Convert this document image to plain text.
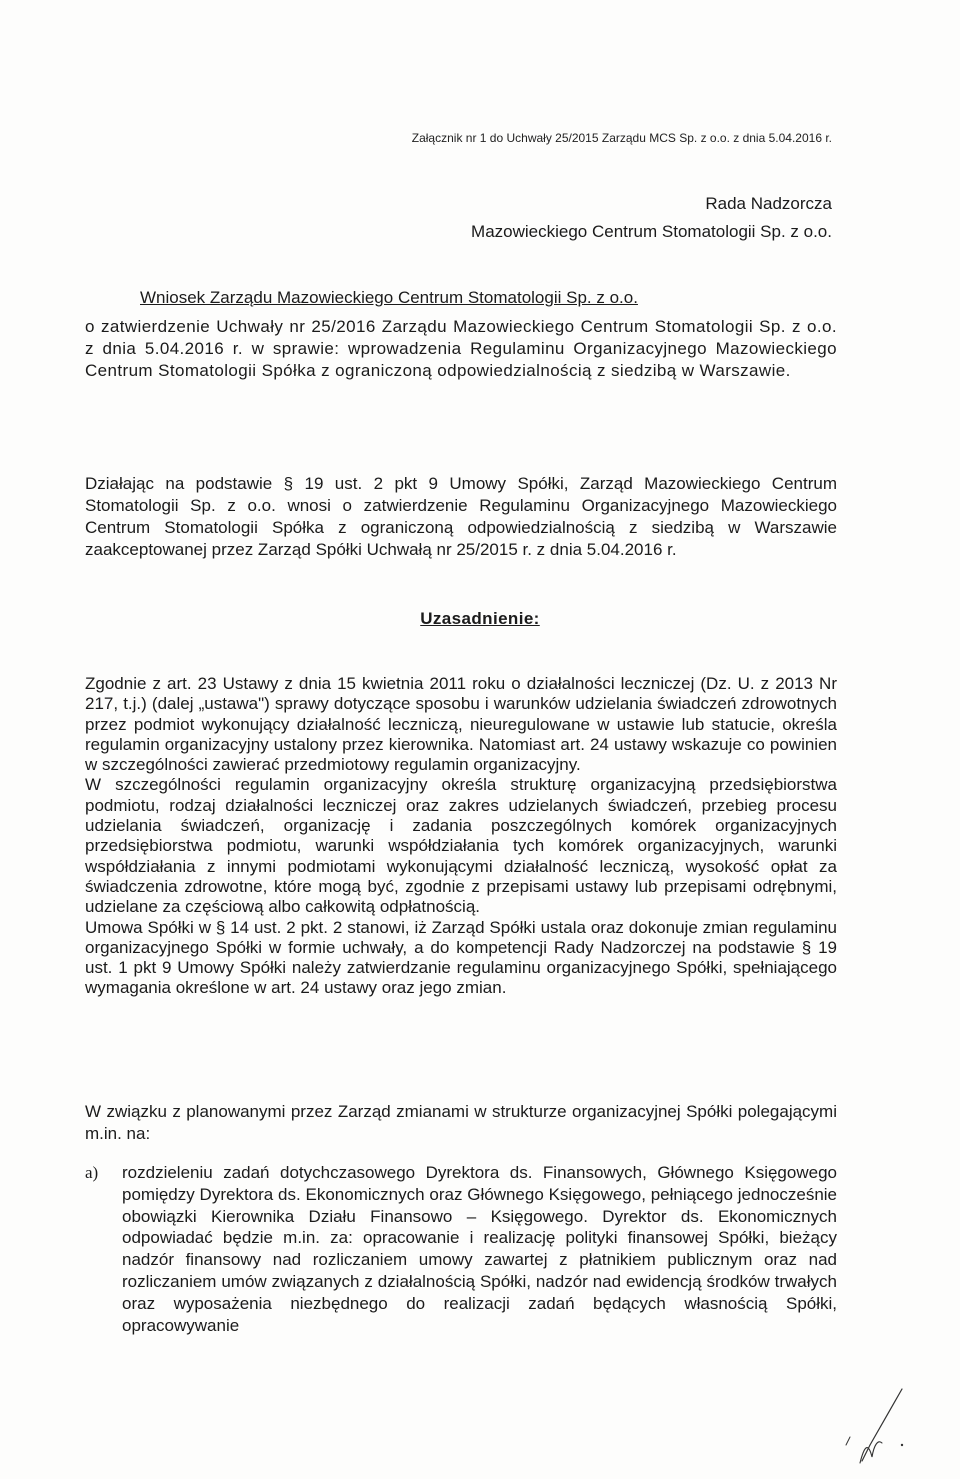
Załącznik nr 1 do Uchwały 25/2015 Zarządu MCS Sp. z o.o. z dnia 5.04.2016 r.

Rada Nadzorcza
Mazowieckiego Centrum Stomatologii Sp. z o.o.
Wniosek Zarządu Mazowieckiego Centrum Stomatologii Sp. z o.o.
o zatwierdzenie Uchwały nr 25/2016 Zarządu Mazowieckiego Centrum Stomatologii Sp. z o.o. z dnia 5.04.2016 r. w sprawie: wprowadzenia Regulaminu Organizacyjnego Mazowieckiego Centrum Stomatologii Spółka z ograniczoną odpowiedzialnością z siedzibą w Warszawie.
Działając na podstawie § 19 ust. 2 pkt 9 Umowy Spółki, Zarząd Mazowieckiego Centrum Stomatologii Sp. z o.o. wnosi o zatwierdzenie Regulaminu Organizacyjnego Mazowieckiego Centrum Stomatologii Spółka z ograniczoną odpowiedzialnością z siedzibą w Warszawie zaakceptowanej przez Zarząd Spółki Uchwałą nr 25/2015 r. z dnia 5.04.2016 r.
Uzasadnienie:

Zgodnie z art. 23 Ustawy z dnia 15 kwietnia 2011 roku o działalności leczniczej (Dz. U. z 2013 Nr 217, t.j.) (dalej „ustawa") sprawy dotyczące sposobu i warunków udzielania świadczeń zdrowotnych przez podmiot wykonujący działalność leczniczą, nieuregulowane w ustawie lub statucie, określa regulamin organizacyjny ustalony przez kierownika. Natomiast art. 24 ustawy wskazuje co powinien w szczególności zawierać przedmiotowy regulamin organizacyjny.

W szczególności regulamin organizacyjny określa strukturę organizacyjną przedsiębiorstwa podmiotu, rodzaj działalności leczniczej oraz zakres udzielanych świadczeń, przebieg procesu udzielania świadczeń, organizację i zadania poszczególnych komórek organizacyjnych przedsiębiorstwa podmiotu, warunki współdziałania tych komórek organizacyjnych, warunki współdziałania z innymi podmiotami wykonującymi działalność leczniczą, wysokość opłat za świadczenia zdrowotne, które mogą być, zgodnie z przepisami ustawy lub przepisami odrębnymi, udzielane za częściową albo całkowitą odpłatnością.

Umowa Spółki w § 14 ust. 2 pkt. 2 stanowi, iż Zarząd Spółki ustala oraz dokonuje zmian regulaminu organizacyjnego Spółki w formie uchwały, a do kompetencji Rady Nadzorczej na podstawie § 19 ust. 1 pkt 9 Umowy Spółki należy zatwierdzanie regulaminu organizacyjnego Spółki, spełniającego wymagania określone w art. 24 ustawy oraz jego zmian.

W związku z planowanymi przez Zarząd zmianami w strukturze organizacyjnej Spółki polegającymi m.in. na:
a)	rozdzieleniu zadań dotychczasowego Dyrektora ds. Finansowych, Głównego Księgowego pomiędzy Dyrektora ds. Ekonomicznych oraz Głównego Księgowego, pełniącego jednocześnie obowiązki Kierownika Działu Finansowo – Księgowego. Dyrektor ds. Ekonomicznych odpowiadać będzie m.in. za: opracowanie i realizację polityki finansowej Spółki, bieżący nadzór finansowy nad rozliczaniem umowy zawartej z płatnikiem publicznym oraz nad rozliczaniem umów związanych z działalnością Spółki, nadzór nad ewidencją środków trwałych oraz wyposażenia niezbędnego do realizacji zadań będących własnością Spółki, opracowywanie
